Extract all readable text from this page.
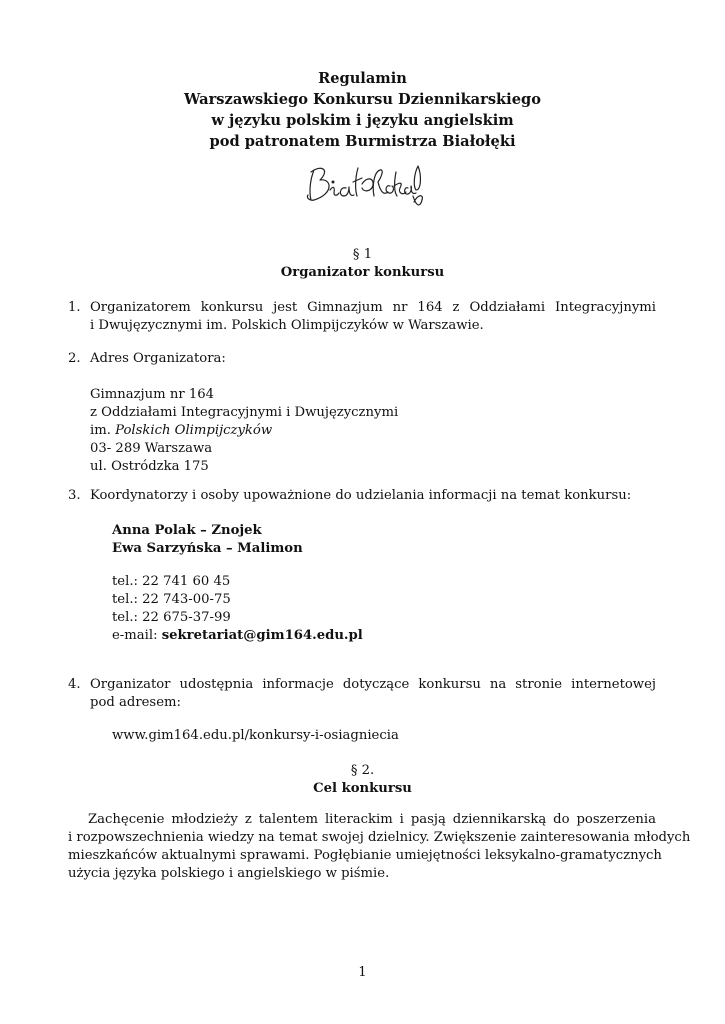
Regulamin
Warszawskiego Konkursu Dziennikarskiego
w języku polskim i języku angielskim
pod patronatem Burmistrza Białołęki
Białołęka
§ 1
Organizator konkursu
1. Organizatorem konkursu jest Gimnazjum nr 164 z Oddziałami Integracyjnymi
i Dwujęzycznymi im. Polskich Olimpijczyków w Warszawie.
2. Adres Organizatora:
Gimnazjum nr 164
z Oddziałami Integracyjnymi i Dwujęzycznymi
im. Polskich Olimpijczyków
03- 289 Warszawa
ul. Ostródzka 175
3. Koordynatorzy i osoby upoważnione do udzielania informacji na temat konkursu:
Anna Polak – Znojek
Ewa Sarzyńska – Malimon
tel.: 22 741 60 45
tel.: 22 743-00-75
tel.: 22 675-37-99
e-mail: sekretariat@gim164.edu.pl
4. Organizator udostępnia informacje dotyczące konkursu na stronie internetowej
pod adresem:
www.gim164.edu.pl/konkursy-i-osiagniecia
§ 2.
Cel konkursu
Zachęcenie młodzieży z talentem literackim i pasją dziennikarską do poszerzenia
i rozpowszechnienia wiedzy na temat swojej dzielnicy. Zwiększenie zainteresowania młodych
mieszkańców aktualnymi sprawami. Pogłębianie umiejętności leksykalno-gramatycznych
użycia języka polskiego i angielskiego w piśmie.
1
